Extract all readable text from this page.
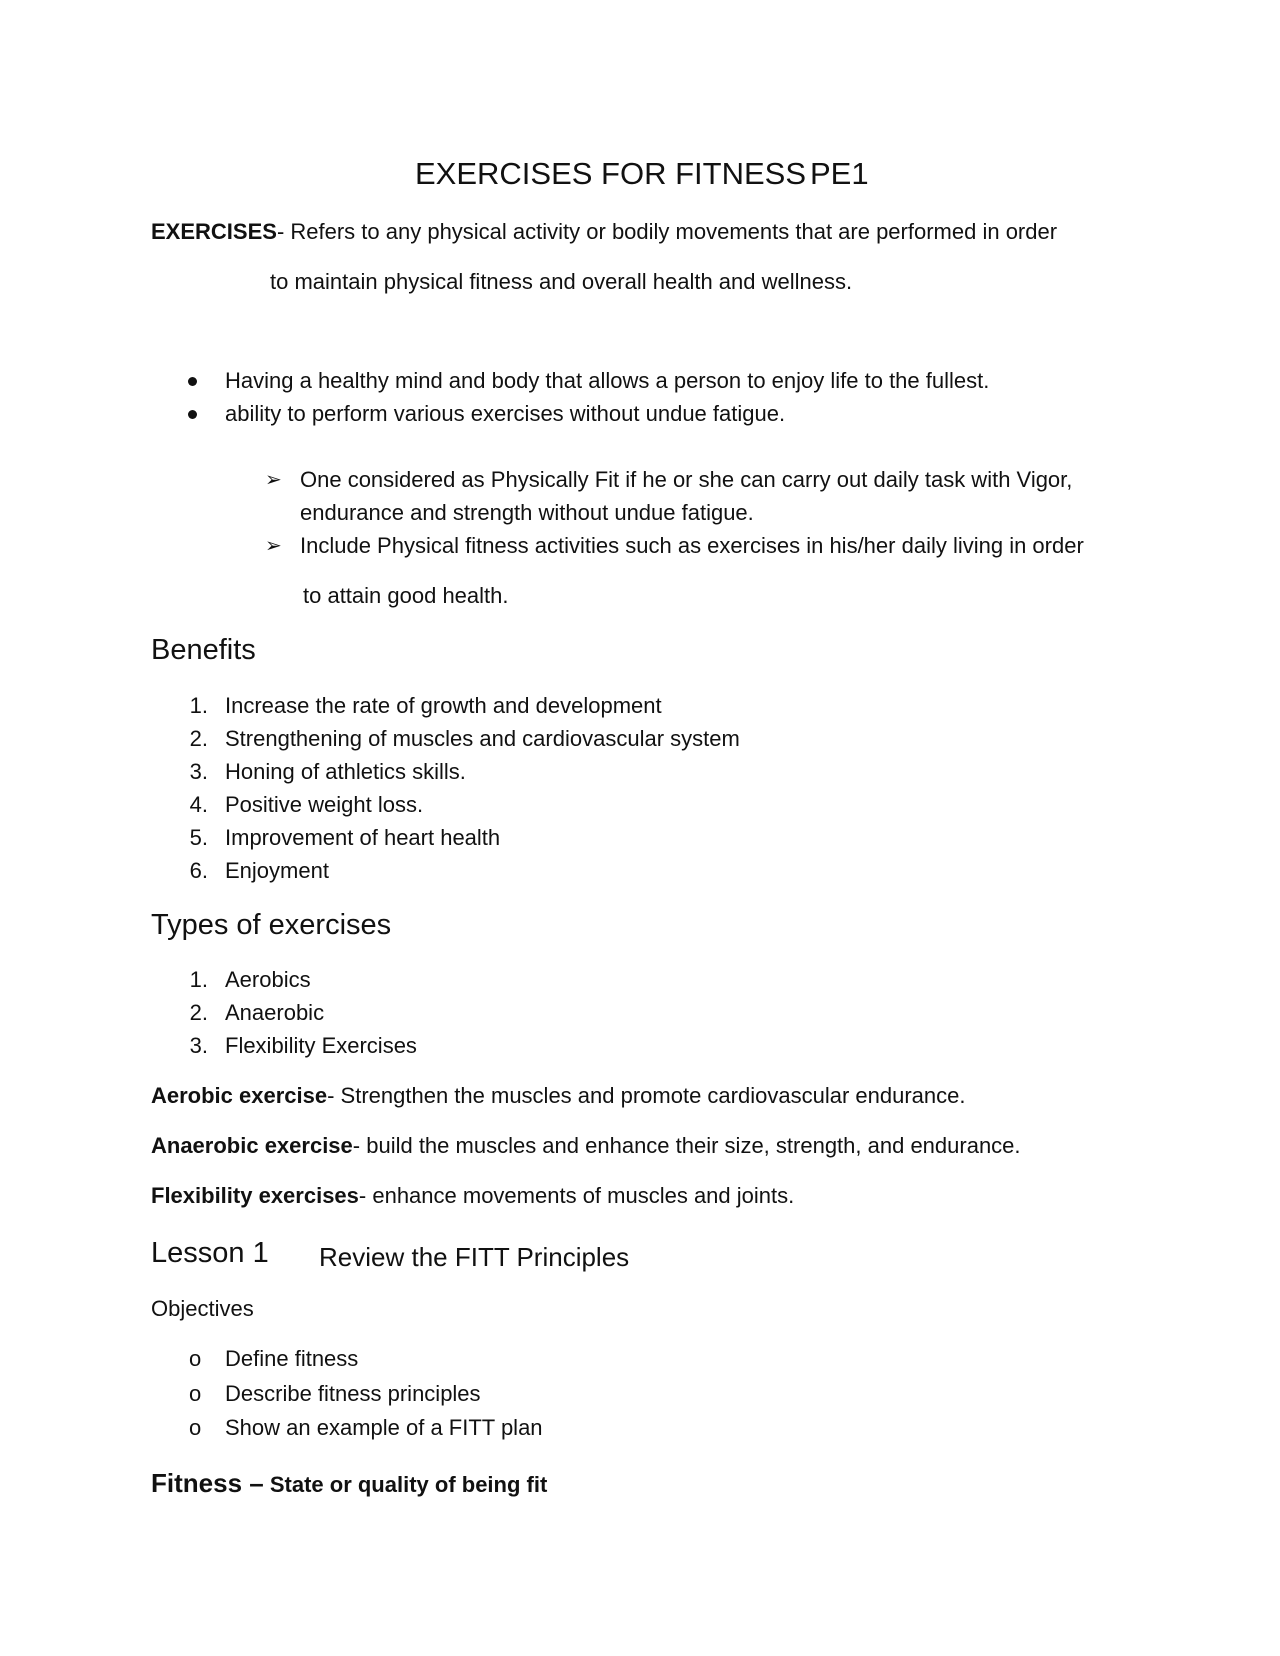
EXERCISES FOR FITNESS PE1
EXERCISES- Refers to any physical activity or bodily movements that are performed in order
to maintain physical fitness and overall health and wellness.
Having a healthy mind and body that allows a person to enjoy life to the fullest.
ability to perform various exercises without undue fatigue.
➢ One considered as Physically Fit if he or she can carry out daily task with Vigor,
endurance and strength without undue fatigue.
➢ Include Physical fitness activities such as exercises in his/her daily living in order
to attain good health.
Benefits
1. Increase the rate of growth and development
2. Strengthening of muscles and cardiovascular system
3. Honing of athletics skills.
4. Positive weight loss.
5. Improvement of heart health
6. Enjoyment
Types of exercises
1. Aerobics
2. Anaerobic
3. Flexibility Exercises
Aerobic exercise- Strengthen the muscles and promote cardiovascular endurance.
Anaerobic exercise- build the muscles and enhance their size, strength, and endurance.
Flexibility exercises- enhance movements of muscles and joints.
Lesson 1 Review the FITT Principles
Objectives
o Define fitness
o Describe fitness principles
o Show an example of a FITT plan
Fitness – State or quality of being fit
